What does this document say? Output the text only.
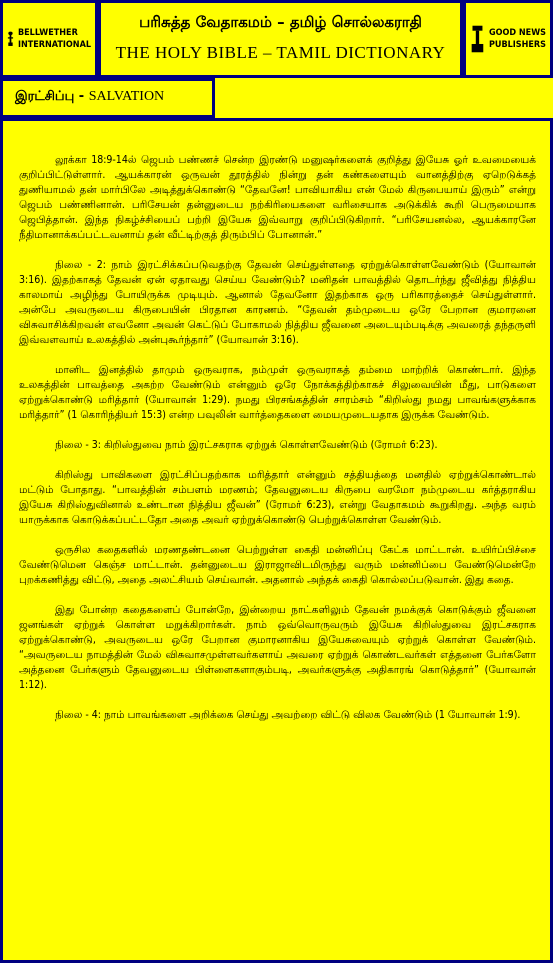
BELLWETHER
INTERNATIONAL
பரிசுத்த வேதாகமம் – தமிழ் சொல்லகராதி
THE HOLY BIBLE – TAMIL DICTIONARY
GOOD NEWS
PUBLISHERS
இரட்சிப்பு - SALVATION

லூக்கா 18:9-14ல் ஜெபம் பண்ணச் சென்ற இரண்டு மனுஷர்களைக் குறித்து இயேசு ஓர் உவமையைக் குறிப்பிட்டுள்ளார். ஆயக்காரன் ஒருவன் தூரத்தில் நின்று தன் கண்களையும் வானத்திற்கு ஏறெடுக்கத் துணியாமல் தன் மார்பிலே அடித்துக்கொண்டு “தேவனே! பாவியாகிய என் மேல் கிருபையாய் இரும்” என்று ஜெபம் பண்ணினான். பரிசேயன் தன்னுடைய நற்கிரியைகளை வரிசையாக அடுக்கிக் கூறி பெருமையாக ஜெபித்தான். இந்த நிகழ்ச்சியைப் பற்றி இயேசு இவ்வாறு குறிப்பிடுகிறார். “பரிசேயனல்ல, ஆயக்காரனே நீதிமானாக்கப்பட்டவனாய் தன் வீட்டிற்குத் திரும்பிப் போனான்.”

நிலை - 2: நாம் இரட்சிக்கப்படுவதற்கு தேவன் செய்துள்ளதை ஏற்றுக்கொள்ளவேண்டும் (யோவான் 3:16). இதற்காகத் தேவன் ஏன் ஏதாவது செய்ய வேண்டும்? மனிதன் பாவத்தில் தொடர்ந்து ஜீவித்து நித்திய காலமாய் அழிந்து போயிருக்க முடியும். ஆனால் தேவனோ இதற்காக ஒரு பரிகாரத்தைச் செய்துள்ளார். அன்பே அவருடைய கிருபையின் பிரதான காரணம். “தேவன் தம்முடைய ஒரே பேறான குமாரனை விசுவாசிக்கிறவன் எவனோ அவன் கெட்டுப் போகாமல் நித்திய ஜீவனை அடையும்படிக்கு அவரைத் தந்தருளி இவ்வளவாய் உலகத்தில் அன்புகூர்ந்தார்” (யோவான் 3:16).

மானிட இனத்தில் தாமும் ஒருவராக, நம்முள் ஒருவராகத் தம்மை மாற்றிக் கொண்டார். இந்த உலகத்தின் பாவத்தை அகற்ற வேண்டும் என்னும் ஒரே நோக்கத்திற்காகச் சிலுவையின் மீது, பாடுகளை ஏற்றுக்கொண்டு மரித்தார் (யோவான் 1:29). நமது பிரசங்கத்தின் சாரம்சம் “கிறிஸ்து நமது பாவங்களுக்காக மரித்தார்” (1 கொரிந்தியர் 15:3) என்ற பவுலின் வார்த்தைகளை மையமுடையதாக இருக்க வேண்டும்.

நிலை - 3: கிறிஸ்துவை நாம் இரட்சகராக ஏற்றுக் கொள்ளவேண்டும் (ரோமர் 6:23).

கிறிஸ்து பாவிகளை இரட்சிப்பதற்காக மரித்தார் என்னும் சத்தியத்தை மனதில் ஏற்றுக்கொண்டால் மட்டும் போதாது. “பாவத்தின் சம்பளம் மரணம்; தேவனுடைய கிருபை வரமோ நம்முடைய கர்த்தராகிய இயேசு கிறிஸ்துவினால் உண்டான நித்திய ஜீவன்” (ரோமர் 6:23), என்று வேதாகமம் கூறுகிறது. அந்த வரம் யாருக்காக கொடுக்கப்பட்டதோ அதை அவர் ஏற்றுக்கொண்டு பெற்றுக்கொள்ள வேண்டும்.

ஒருசில கதைகளில் மரணதண்டனை பெற்றுள்ள கைதி மன்னிப்பு கேட்க மாட்டான். உயிர்ப்பிச்சை வேண்டுமென கெஞ்ச மாட்டான். தன்னுடைய இராஜாவிடமிருந்து வரும் மன்னிப்பை வேண்டுமென்றே புறக்கணித்து விட்டு, அதை அலட்சியம் செய்வான். அதனால் அந்தக் கைதி கொல்லப்படுவான். இது கதை.

இது போன்ற கதைகளைப் போன்றே, இன்றைய நாட்களிலும் தேவன் நமக்குக் கொடுக்கும் ஜீவனை ஜனங்கள் ஏற்றுக் கொள்ள மறுக்கிறார்கள். நாம் ஒவ்வொருவரும் இயேசு கிறிஸ்துவை இரட்சகராக ஏற்றுக்கொண்டு, அவருடைய ஒரே பேறான குமாரனாகிய இயேசுவையும் ஏற்றுக் கொள்ள வேண்டும். “அவருடைய நாமத்தின் மேல் விசுவாசமுள்ளவர்களாய் அவரை ஏற்றுக் கொண்டவர்கள் எத்தனை பேர்களோ அத்தனை பேர்களும் தேவனுடைய பிள்ளைகளாகும்படி, அவர்களுக்கு அதிகாரங் கொடுத்தார்” (யோவான் 1:12).

நிலை - 4: நாம் பாவங்களை அறிக்கை செய்து அவற்றை விட்டு விலக வேண்டும் (1 யோவான் 1:9).
